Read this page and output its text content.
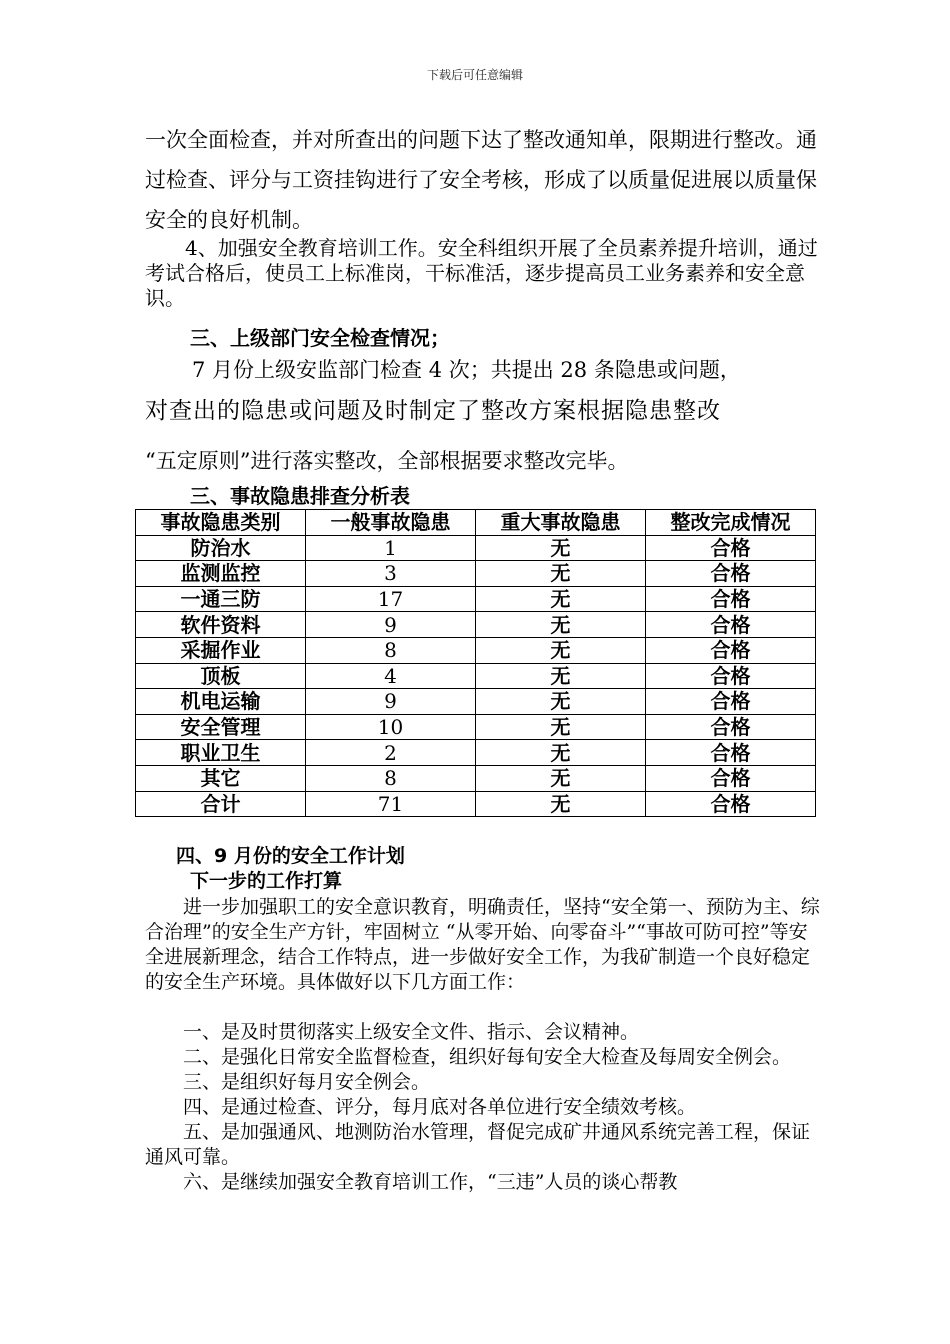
下载后可任意编辑

一次全面检查，并对所查出的问题下达了整改通知单，限期进行整改。通过检查、评分与工资挂钩进行了安全考核，形成了以质量促进展以质量保安全的良好机制。

4、加强安全教育培训工作。安全科组织开展了全员素养提升培训，通过考试合格后，使员工上标准岗，干标准活，逐步提高员工业务素养和安全意识。

三、上级部门安全检查情况；

7 月份上级安监部门检查 4 次；共提出 28 条隐患或问题，

对查出的隐患或问题及时制定了整改方案根据隐患整改

“五定原则”进行落实整改，全部根据要求整改完毕。

三、事故隐患排查分析表

事故隐患类别	一般事故隐患	重大事故隐患	整改完成情况
防治水	1	无	合格
监测监控	3	无	合格
一通三防	17	无	合格
软件资料	9	无	合格
采掘作业	8	无	合格
顶板	4	无	合格
机电运输	9	无	合格
安全管理	10	无	合格
职业卫生	2	无	合格
其它	8	无	合格
合计	71	无	合格

四、9 月份的安全工作计划

下一步的工作打算

进一步加强职工的安全意识教育，明确责任，坚持“安全第一、预防为主、综合治理”的安全生产方针，牢固树立 “从零开始、向零奋斗”“事故可防可控”等安全进展新理念，结合工作特点，进一步做好安全工作，为我矿制造一个良好稳定的安全生产环境。具体做好以下几方面工作：

一、是及时贯彻落实上级安全文件、指示、会议精神。
二、是强化日常安全监督检查，组织好每旬安全大检查及每周安全例会。
三、是组织好每月安全例会。
四、是通过检查、评分，每月底对各单位进行安全绩效考核。
五、是加强通风、地测防治水管理，督促完成矿井通风系统完善工程，保证通风可靠。
六、是继续加强安全教育培训工作，“三违”人员的谈心帮教
